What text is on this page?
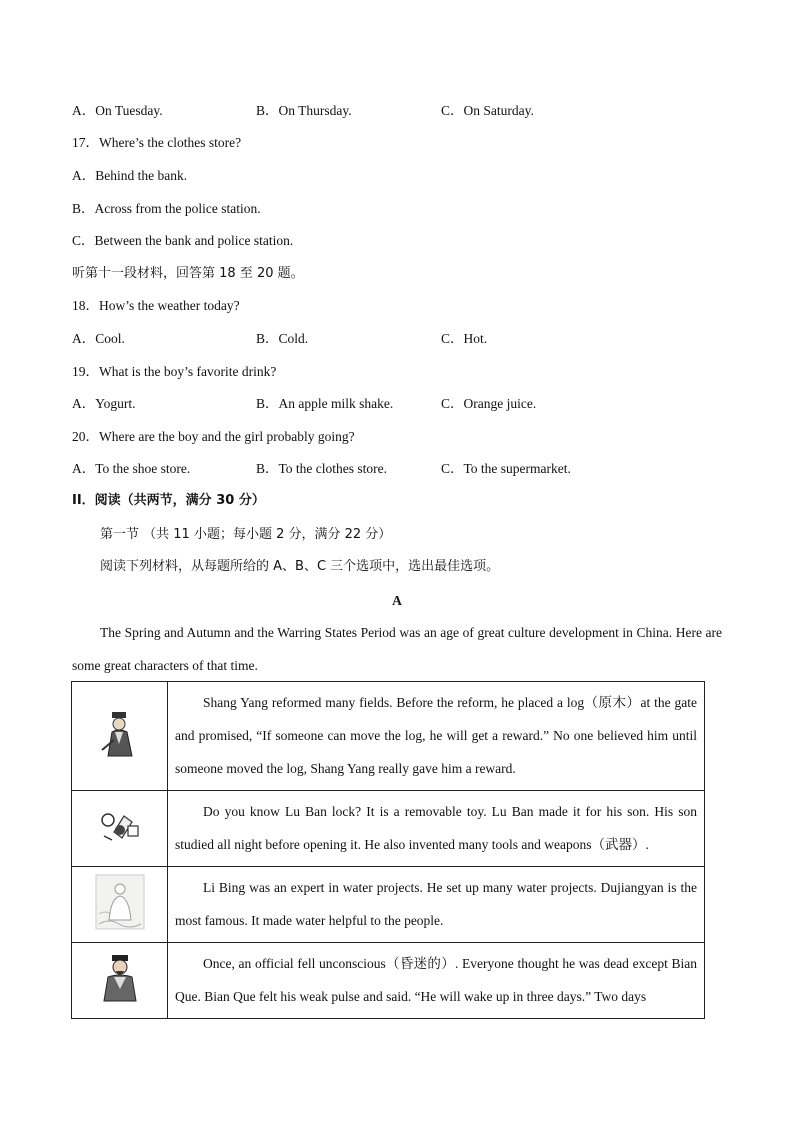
A．On Tuesday.	B．On Thursday.	C．On Saturday.
17．Where’s the clothes store?
A．Behind the bank.
B．Across from the police station.
C．Between the bank and police station.
听第十一段材料，回答第 18 至 20 题。
18．How’s the weather today?
A．Cool.	B．Cold.	C．Hot.
19．What is the boy’s favorite drink?
A．Yogurt.	B．An apple milk shake.	C．Orange juice.
20．Where are the boy and the girl probably going?
A．To the shoe store.	B．To the clothes store.	C．To the supermarket.
II．阅读（共两节，满分 30 分）
第一节 （共 11 小题；每小题 2 分，满分 22 分）
阅读下列材料，从每题所给的 A、B、C 三个选项中，选出最佳选项。
A
The Spring and Autumn and the Warring States Period was an age of great culture development in China. Here are some great characters of that time.
	Shang Yang reformed many fields. Before the reform, he placed a log（原木）at the gate and promised, “If someone can move the log, he will get a reward.” No one believed him until someone moved the log, Shang Yang really gave him a reward.
	Do you know Lu Ban lock? It is a removable toy. Lu Ban made it for his son. His son studied all night before opening it. He also invented many tools and weapons（武器）.
	Li Bing was an expert in water projects. He set up many water projects. Dujiangyan is the most famous. It made water helpful to the people.
	Once, an official fell unconscious（昏迷的）. Everyone thought he was dead except Bian Que. Bian Que felt his weak pulse and said. “He will wake up in three days.” Two days
